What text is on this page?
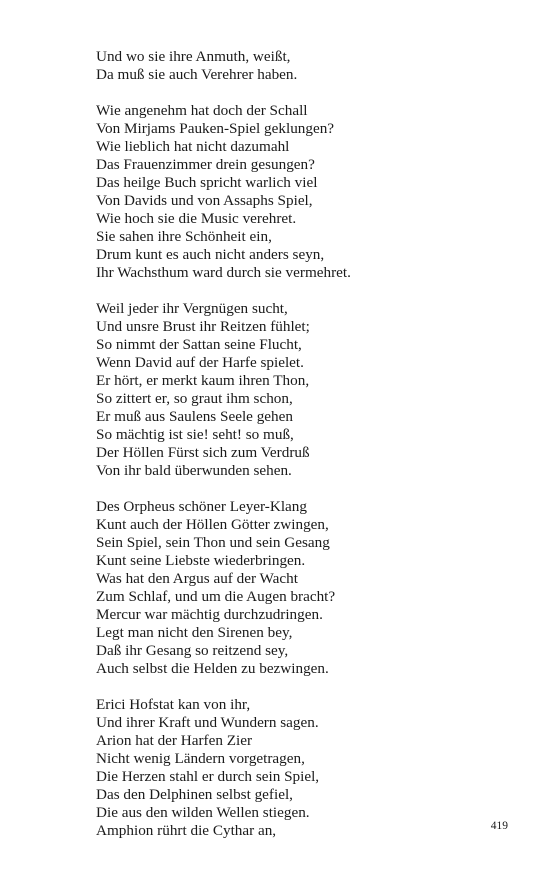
Und wo sie ihre Anmuth, weißt,
Da muß sie auch Verehrer haben.
Wie angenehm hat doch der Schall
Von Mirjams Pauken-Spiel geklungen?
Wie lieblich hat nicht dazumahl
Das Frauenzimmer drein gesungen?
Das heilge Buch spricht warlich viel
Von Davids und von Assaphs Spiel,
Wie hoch sie die Music verehret.
Sie sahen ihre Schönheit ein,
Drum kunt es auch nicht anders seyn,
Ihr Wachsthum ward durch sie vermehret.
Weil jeder ihr Vergnügen sucht,
Und unsre Brust ihr Reitzen fühlet;
So nimmt der Sattan seine Flucht,
Wenn David auf der Harfe spielet.
Er hört, er merkt kaum ihren Thon,
So zittert er, so graut ihm schon,
Er muß aus Saulens Seele gehen
So mächtig ist sie! seht! so muß,
Der Höllen Fürst sich zum Verdruß
Von ihr bald überwunden sehen.
Des Orpheus schöner Leyer-Klang
Kunt auch der Höllen Götter zwingen,
Sein Spiel, sein Thon und sein Gesang
Kunt seine Liebste wiederbringen.
Was hat den Argus auf der Wacht
Zum Schlaf, und um die Augen bracht?
Mercur war mächtig durchzudringen.
Legt man nicht den Sirenen bey,
Daß ihr Gesang so reitzend sey,
Auch selbst die Helden zu bezwingen.
Erici Hofstat kan von ihr,
Und ihrer Kraft und Wundern sagen.
Arion hat der Harfen Zier
Nicht wenig Ländern vorgetragen,
Die Herzen stahl er durch sein Spiel,
Das den Delphinen selbst gefiel,
Die aus den wilden Wellen stiegen.
Amphion rührt die Cythar an,	419
